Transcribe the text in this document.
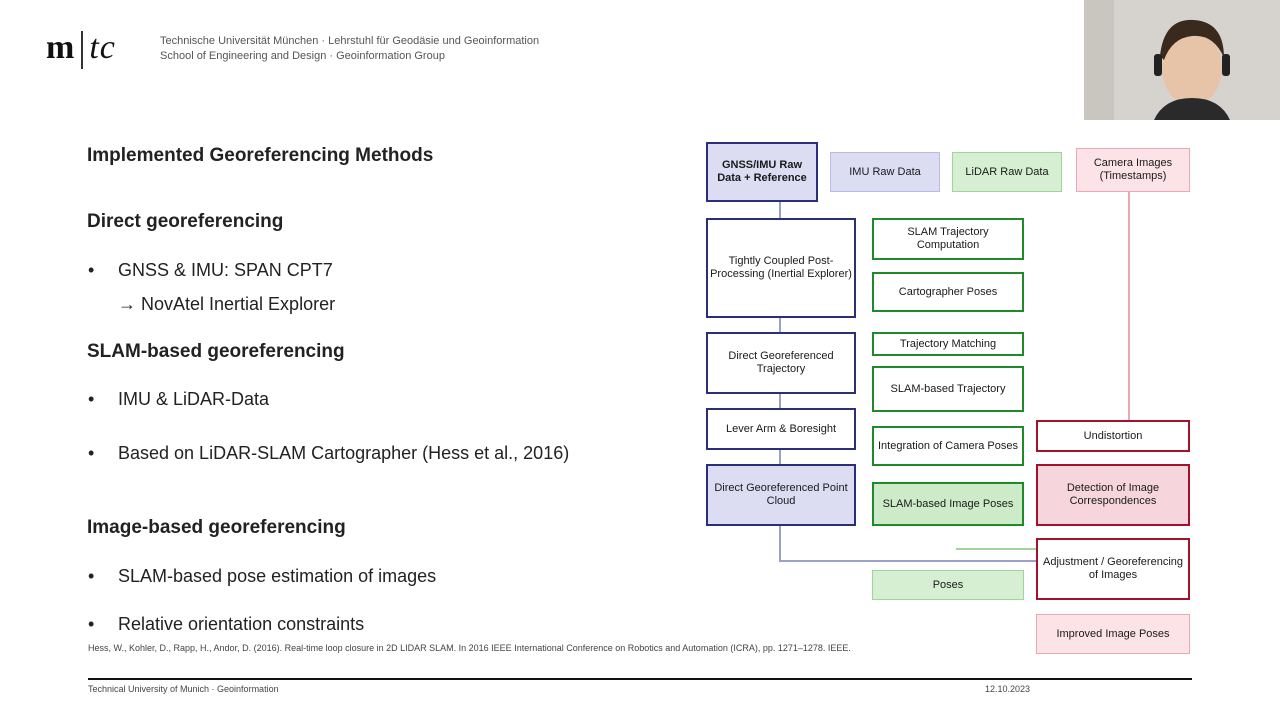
m tc	Technische Universität München · Lehrstuhl für Geodäsie und Geoinformation
School of Engineering and Design · Geoinformation Group
Implemented Georeferencing Methods
Direct georeferencing
• GNSS & IMU: SPAN CPT7
→ NovAtel Inertial Explorer
SLAM-based georeferencing
• IMU & LiDAR-Data
• Based on LiDAR-SLAM Cartographer (Hess et al., 2016)
Image-based georeferencing
• SLAM-based pose estimation of images
• Relative orientation constraints
Hess, W., Kohler, D., Rapp, H., Andor, D. (2016). Real-time loop closure in 2D LIDAR SLAM. In 2016 IEEE International Conference on Robotics and Automation (ICRA), pp. 1271–1278. IEEE.
Technical University of Munich · Geoinformation	12.10.2023
GNSS/IMU Raw Data + Reference
Tightly Coupled Post-Processing (Inertial Explorer)
Direct Georeferenced Trajectory
Lever Arm & Boresight
Direct Georeferenced Point Cloud
IMU Raw Data	LiDAR Raw Data
SLAM Trajectory Computation
Cartographer Poses
Trajectory Matching
SLAM-based Trajectory
Integration of Camera Poses
SLAM-based Image Poses
Poses
Camera Images (Timestamps)
Undistortion
Detection of Image Correspondences
Adjustment / Georeferencing of Images
Improved Image Poses
